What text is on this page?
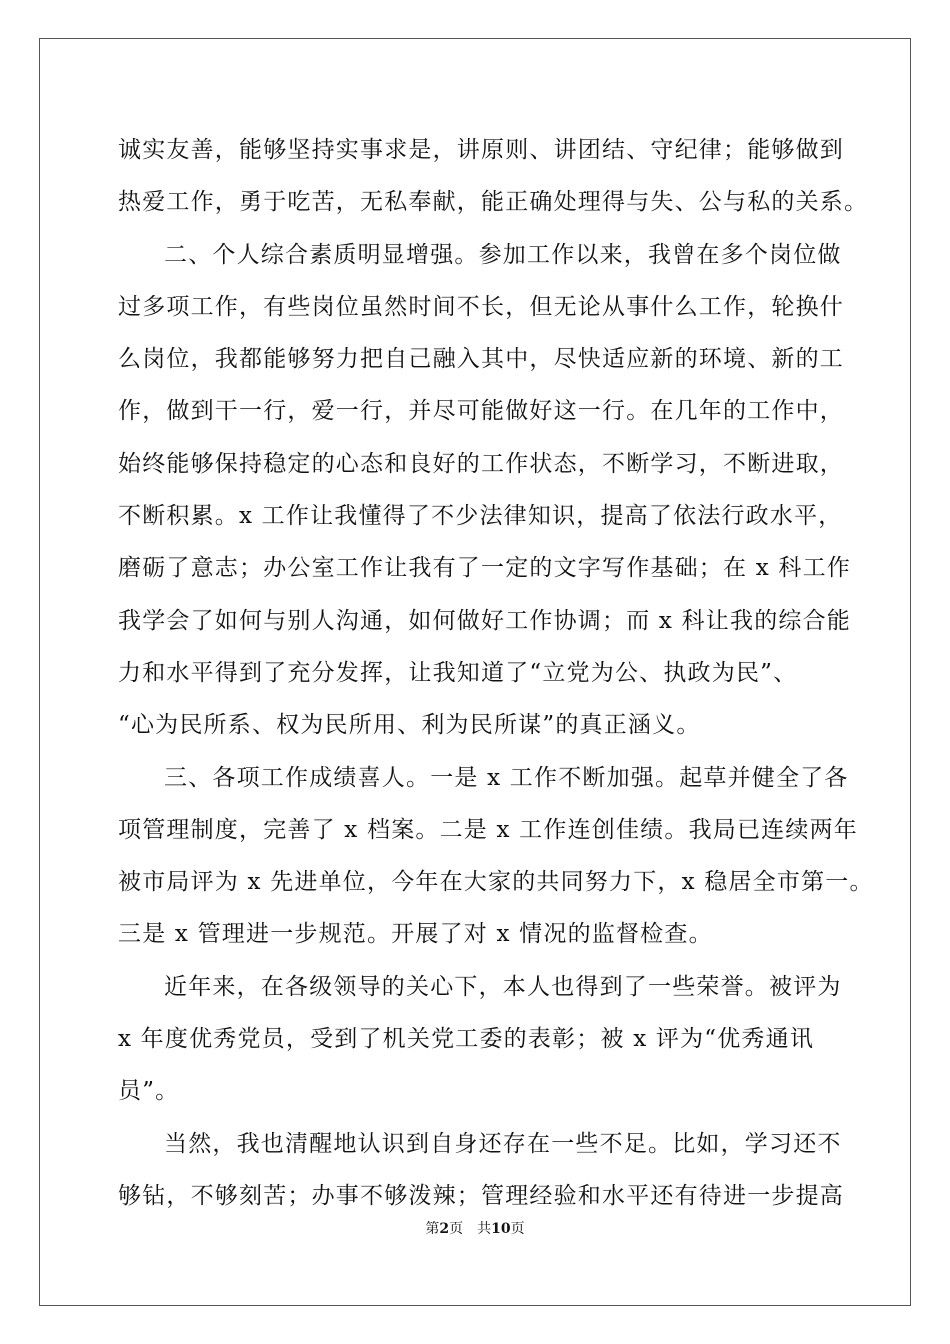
诚实友善，能够坚持实事求是，讲原则、讲团结、守纪律；能够做到
热爱工作，勇于吃苦，无私奉献，能正确处理得与失、公与私的关系。
二、个人综合素质明显增强。参加工作以来，我曾在多个岗位做
过多项工作，有些岗位虽然时间不长，但无论从事什么工作，轮换什
么岗位，我都能够努力把自己融入其中，尽快适应新的环境、新的工
作，做到干一行，爱一行，并尽可能做好这一行。在几年的工作中，
始终能够保持稳定的心态和良好的工作状态，不断学习，不断进取，
不断积累。x 工作让我懂得了不少法律知识，提高了依法行政水平，
磨砺了意志；办公室工作让我有了一定的文字写作基础；在 x 科工作
我学会了如何与别人沟通，如何做好工作协调；而 x 科让我的综合能
力和水平得到了充分发挥，让我知道了“立党为公、执政为民”、
“心为民所系、权为民所用、利为民所谋”的真正涵义。
三、各项工作成绩喜人。一是 x 工作不断加强。起草并健全了各
项管理制度，完善了 x 档案。二是 x 工作连创佳绩。我局已连续两年
被市局评为 x 先进单位，今年在大家的共同努力下，x 稳居全市第一。
三是 x 管理进一步规范。开展了对 x 情况的监督检查。
近年来，在各级领导的关心下，本人也得到了一些荣誉。被评为
x 年度优秀党员，受到了机关党工委的表彰；被 x 评为“优秀通讯
员”。
当然，我也清醒地认识到自身还存在一些不足。比如，学习还不
够钻，不够刻苦；办事不够泼辣；管理经验和水平还有待进一步提高
第2页 共10页
